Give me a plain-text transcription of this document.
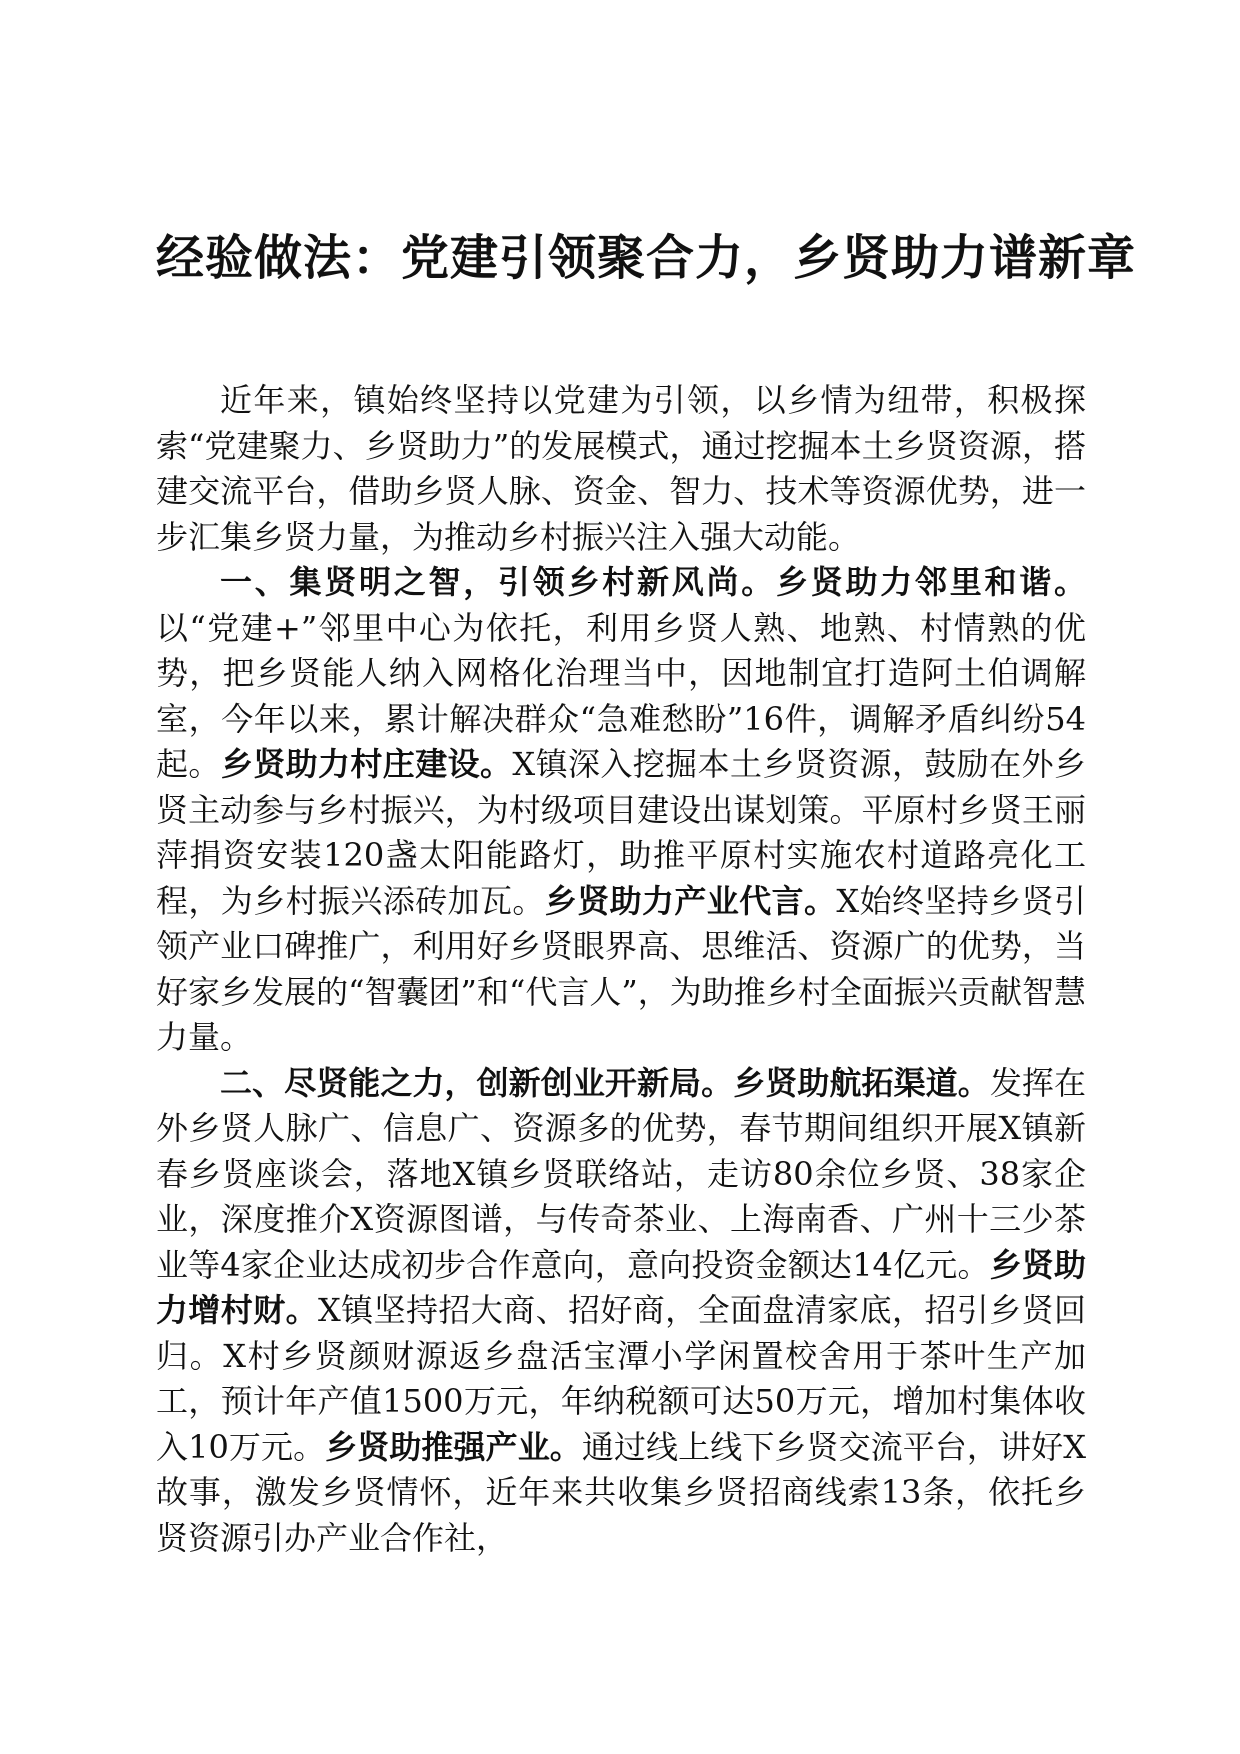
经验做法：党建引领聚合力，乡贤助力谱新章

近年来，镇始终坚持以党建为引领，以乡情为纽带，积极探索“党建聚力、乡贤助力”的发展模式，通过挖掘本土乡贤资源，搭建交流平台，借助乡贤人脉、资金、智力、技术等资源优势，进一步汇集乡贤力量，为推动乡村振兴注入强大动能。

一、集贤明之智，引领乡村新风尚。乡贤助力邻里和谐。以“党建+”邻里中心为依托，利用乡贤人熟、地熟、村情熟的优势，把乡贤能人纳入网格化治理当中，因地制宜打造阿土伯调解室，今年以来，累计解决群众“急难愁盼”16件，调解矛盾纠纷54起。乡贤助力村庄建设。X镇深入挖掘本土乡贤资源，鼓励在外乡贤主动参与乡村振兴，为村级项目建设出谋划策。平原村乡贤王丽萍捐资安装120盏太阳能路灯，助推平原村实施农村道路亮化工程，为乡村振兴添砖加瓦。乡贤助力产业代言。X始终坚持乡贤引领产业口碑推广，利用好乡贤眼界高、思维活、资源广的优势，当好家乡发展的“智囊团”和“代言人”，为助推乡村全面振兴贡献智慧力量。

二、尽贤能之力，创新创业开新局。乡贤助航拓渠道。发挥在外乡贤人脉广、信息广、资源多的优势，春节期间组织开展X镇新春乡贤座谈会，落地X镇乡贤联络站，走访80余位乡贤、38家企业，深度推介X资源图谱，与传奇茶业、上海南香、广州十三少茶业等4家企业达成初步合作意向，意向投资金额达14亿元。乡贤助力增村财。X镇坚持招大商、招好商，全面盘清家底，招引乡贤回归。X村乡贤颜财源返乡盘活宝潭小学闲置校舍用于茶叶生产加工，预计年产值1500万元，年纳税额可达50万元，增加村集体收入10万元。乡贤助推强产业。通过线上线下乡贤交流平台，讲好X故事，激发乡贤情怀，近年来共收集乡贤招商线索13条，依托乡贤资源引办产业合作社，
